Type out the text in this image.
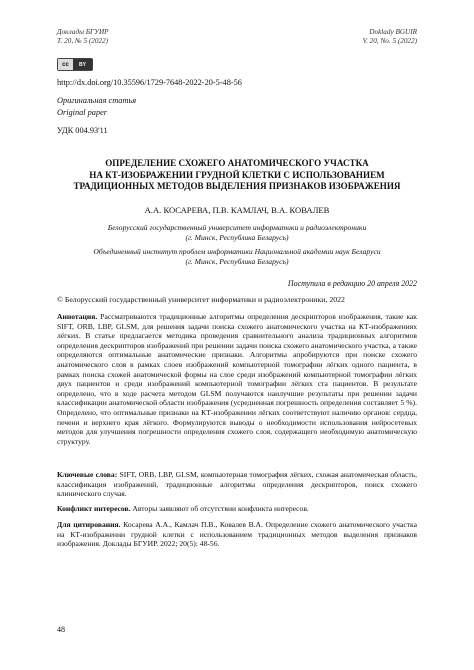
Доклады БГУИР
Т. 20, № 5 (2022)
Doklady BGUIR
V. 20, No. 5 (2022)
cc	BY
http://dx.doi.org/10.35596/1729-7648-2022-20-5-48-56
Оригинальная статья
Original paper
УДК 004.93'11
ОПРЕДЕЛЕНИЕ СХОЖЕГО АНАТОМИЧЕСКОГО УЧАСТКА
НА КТ-ИЗОБРАЖЕНИИ ГРУДНОЙ КЛЕТКИ С ИСПОЛЬЗОВАНИЕМ
ТРАДИЦИОННЫХ МЕТОДОВ ВЫДЕЛЕНИЯ ПРИЗНАКОВ ИЗОБРАЖЕНИЯ
А.А. КОСАРЕВА, П.В. КАМЛАЧ, В.А. КОВАЛЕВ
Белорусский государственный университет информатики и радиоэлектроники
(г. Минск, Республика Беларусь)
Объединенный институт проблем информатики Национальной академии наук Беларуси
(г. Минск, Республика Беларусь)
Поступила в редакцию 20 апреля 2022
© Белорусский государственный университет информатики и радиоэлектроники, 2022
Аннотация. Рассматриваются традиционные алгоритмы определения дескрипторов изображения, такие как SIFT, ORB, LBP, GLSM, для решения задачи поиска схожего анатомического участка на КТ-изображениях лёгких. В статье предлагается методика проведения сравнительного анализа традиционных алгоритмов определения дескрипторов изображений при решении задачи поиска схожего анатомического участка, а также определяются оптимальные анатомические признаки. Алгоритмы апробируются при поиске схожего анатомического слоя в рамках слоев изображений компьютерной томографии лёгких одного пациента, в рамках поиска схожей анатомической формы на слое среди изображений компьютерной томографии лёгких двух пациентов и среди изображений компьютерной томографии лёгких ста пациентов. В результате определено, что в ходе расчета методом GLSM получаются наилучшие результаты при решении задачи классификации анатомической области изображения (усредненная погрешность определения составляет 5 %). Определено, что оптимальные признаки на КТ-изображении лёгких соответствуют наличию органов: сердца, печени и верхнего края лёгкого. Формулируются выводы о необходимости использования нейросетевых методов для улучшения погрешности определения схожего слоя, содержащего необходимую анатомическую структуру.
Ключевые слова: SIFT, ORB, LBP, GLSM, компьютерная томография лёгких, схожая анатомическая область, классификация изображений, традиционные алгоритмы определения дескрипторов, поиск схожего клинического случая.
Конфликт интересов. Авторы заявляют об отсутствии конфликта интересов.
Для цитирования. Косарева А.А., Камлач П.В., Ковалев В.А. Определение схожего анатомического участка на КТ-изображении грудной клетки с использованием традиционных методов выделения признаков изображения. Доклады БГУИР. 2022; 20(5): 48-56.
48
